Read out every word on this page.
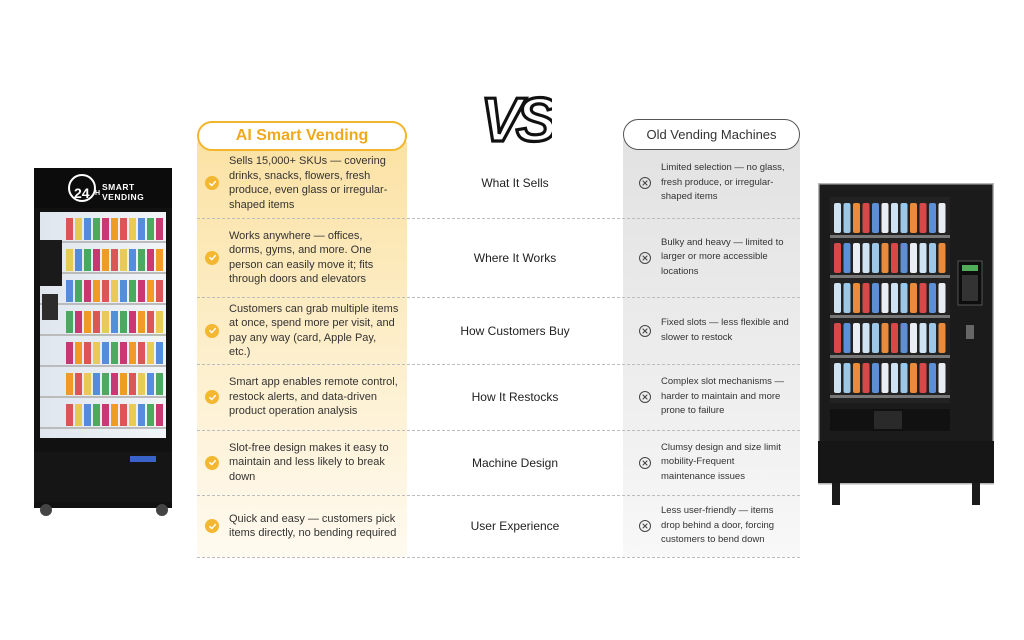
24 H
SMART
VENDING
AI Smart Vending	Old Vending Machines
VS
Sells 15,000+ SKUs — covering drinks, snacks, flowers, fresh produce, even glass or irregular-shaped items
What It Sells
Limited selection — no glass, fresh produce, or irregular-shaped items
Works anywhere — offices, dorms, gyms, and more. One person can easily move it; fits through doors and elevators
Where It Works
Bulky and heavy — limited to larger or more accessible locations
Customers can grab multiple items at once, spend more per visit, and pay any way (card, Apple Pay, etc.)
How Customers Buy
Fixed slots — less flexible and slower to restock
Smart app enables remote control, restock alerts, and data-driven product operation analysis
How It Restocks
Complex slot mechanisms — harder to maintain and more prone to failure
Slot-free design makes it easy to maintain and less likely to break down
Machine Design
Clumsy design and size limit mobility-Frequent maintenance issues
Quick and easy — customers pick items directly, no bending required	User Experience
Less user-friendly — items drop behind a door, forcing customers to bend down
